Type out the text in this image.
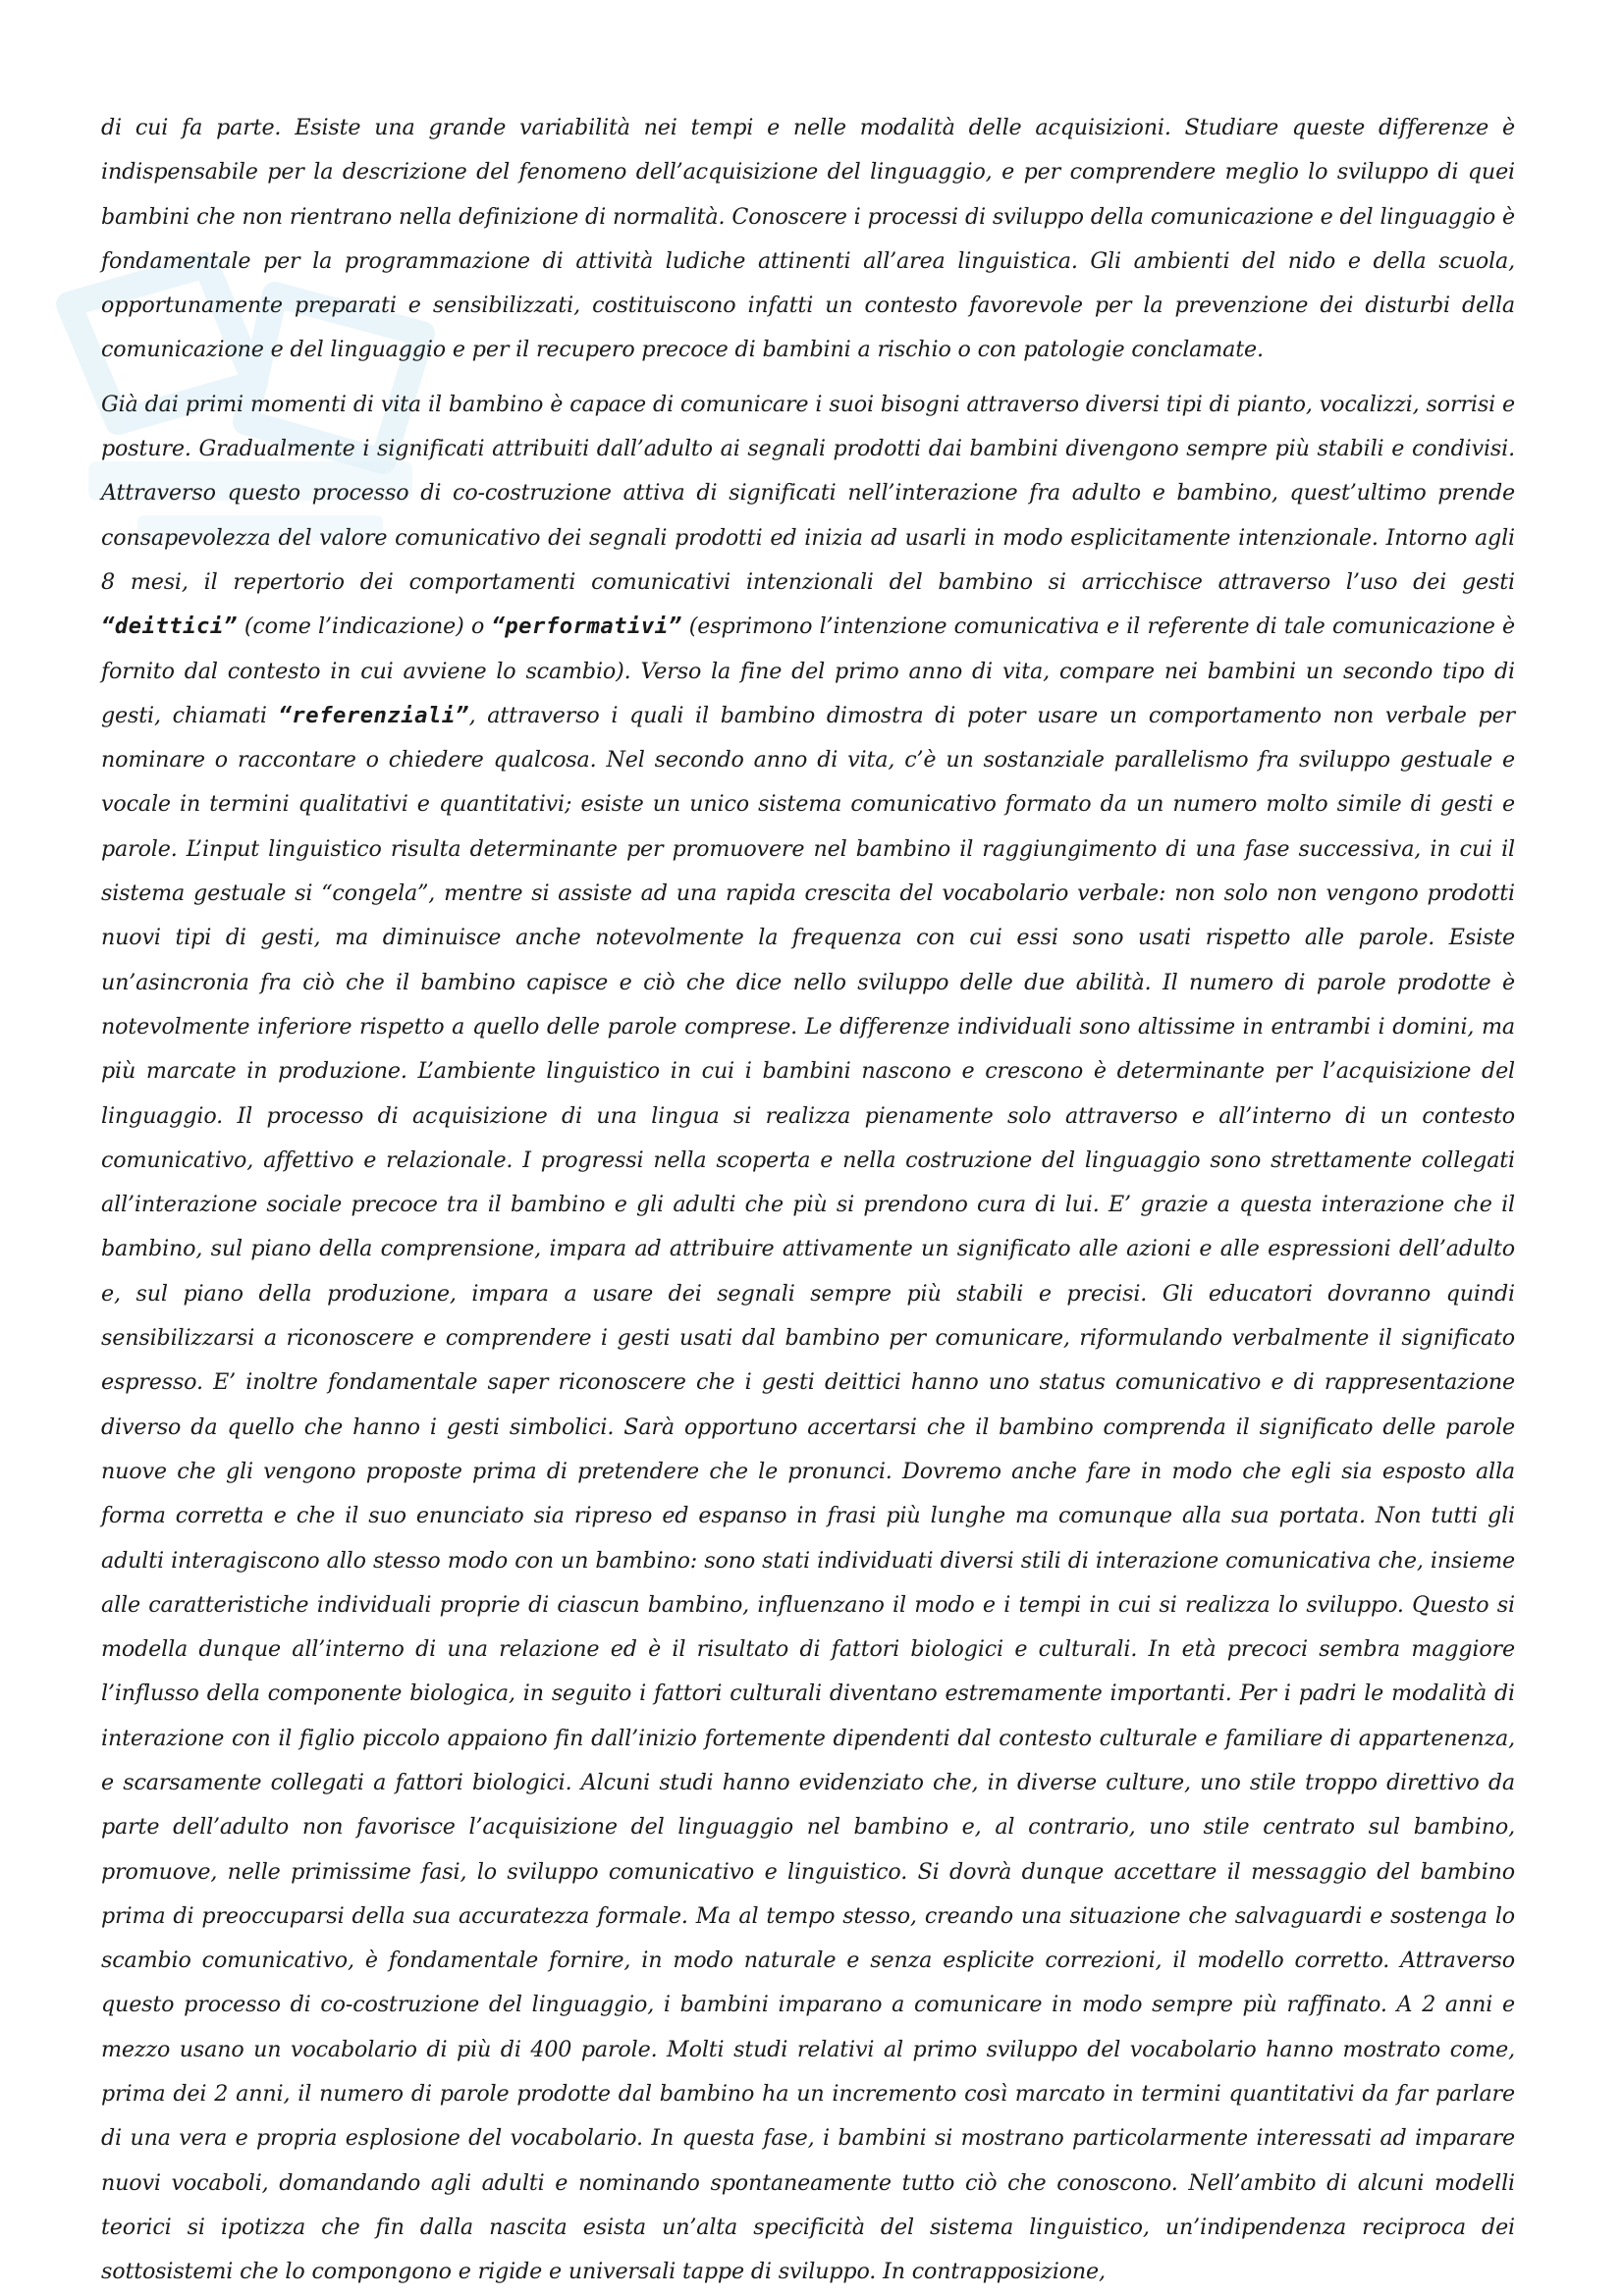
di cui fa parte. Esiste una grande variabilità nei tempi e nelle modalità delle acquisizioni. Studiare queste differenze è indispensabile per la descrizione del fenomeno dell’acquisizione del linguaggio, e per comprendere meglio lo sviluppo di quei bambini che non rientrano nella definizione di normalità. Conoscere i processi di sviluppo della comunicazione e del linguaggio è fondamentale per la programmazione di attività ludiche attinenti all’area linguistica. Gli ambienti del nido e della scuola, opportunamente preparati e sensibilizzati, costituiscono infatti un contesto favorevole per la prevenzione dei disturbi della comunicazione e del linguaggio e per il recupero precoce di bambini a rischio o con patologie conclamate.

Già dai primi momenti di vita il bambino è capace di comunicare i suoi bisogni attraverso diversi tipi di pianto, vocalizzi, sorrisi e posture. Gradualmente i significati attribuiti dall’adulto ai segnali prodotti dai bambini divengono sempre più stabili e condivisi. Attraverso questo processo di co-costruzione attiva di significati nell’interazione fra adulto e bambino, quest’ultimo prende consapevolezza del valore comunicativo dei segnali prodotti ed inizia ad usarli in modo esplicitamente intenzionale. Intorno agli 8 mesi, il repertorio dei comportamenti comunicativi intenzionali del bambino si arricchisce attraverso l’uso dei gesti “deittici” (come l’indicazione) o “performativi” (esprimono l’intenzione comunicativa e il referente di tale comunicazione è fornito dal contesto in cui avviene lo scambio). Verso la fine del primo anno di vita, compare nei bambini un secondo tipo di gesti, chiamati “referenziali”, attraverso i quali il bambino dimostra di poter usare un comportamento non verbale per nominare o raccontare o chiedere qualcosa. Nel secondo anno di vita, c’è un sostanziale parallelismo fra sviluppo gestuale e vocale in termini qualitativi e quantitativi; esiste un unico sistema comunicativo formato da un numero molto simile di gesti e parole. L’input linguistico risulta determinante per promuovere nel bambino il raggiungimento di una fase successiva, in cui il sistema gestuale si “congela”, mentre si assiste ad una rapida crescita del vocabolario verbale: non solo non vengono prodotti nuovi tipi di gesti, ma diminuisce anche notevolmente la frequenza con cui essi sono usati rispetto alle parole. Esiste un’asincronia fra ciò che il bambino capisce e ciò che dice nello sviluppo delle due abilità. Il numero di parole prodotte è notevolmente inferiore rispetto a quello delle parole comprese. Le differenze individuali sono altissime in entrambi i domini, ma più marcate in produzione. L’ambiente linguistico in cui i bambini nascono e crescono è determinante per l’acquisizione del linguaggio. Il processo di acquisizione di una lingua si realizza pienamente solo attraverso e all’interno di un contesto comunicativo, affettivo e relazionale. I progressi nella scoperta e nella costruzione del linguaggio sono strettamente collegati all’interazione sociale precoce tra il bambino e gli adulti che più si prendono cura di lui. E’ grazie a questa interazione che il bambino, sul piano della comprensione, impara ad attribuire attivamente un significato alle azioni e alle espressioni dell’adulto e, sul piano della produzione, impara a usare dei segnali sempre più stabili e precisi. Gli educatori dovranno quindi sensibilizzarsi a riconoscere e comprendere i gesti usati dal bambino per comunicare, riformulando verbalmente il significato espresso. E’ inoltre fondamentale saper riconoscere che i gesti deittici hanno uno status comunicativo e di rappresentazione diverso da quello che hanno i gesti simbolici. Sarà opportuno accertarsi che il bambino comprenda il significato delle parole nuove che gli vengono proposte prima di pretendere che le pronunci. Dovremo anche fare in modo che egli sia esposto alla forma corretta e che il suo enunciato sia ripreso ed espanso in frasi più lunghe ma comunque alla sua portata. Non tutti gli adulti interagiscono allo stesso modo con un bambino: sono stati individuati diversi stili di interazione comunicativa che, insieme alle caratteristiche individuali proprie di ciascun bambino, influenzano il modo e i tempi in cui si realizza lo sviluppo. Questo si modella dunque all’interno di una relazione ed è il risultato di fattori biologici e culturali. In età precoci sembra maggiore l’influsso della componente biologica, in seguito i fattori culturali diventano estremamente importanti. Per i padri le modalità di interazione con il figlio piccolo appaiono fin dall’inizio fortemente dipendenti dal contesto culturale e familiare di appartenenza, e scarsamente collegati a fattori biologici. Alcuni studi hanno evidenziato che, in diverse culture, uno stile troppo direttivo da parte dell’adulto non favorisce l’acquisizione del linguaggio nel bambino e, al contrario, uno stile centrato sul bambino, promuove, nelle primissime fasi, lo sviluppo comunicativo e linguistico. Si dovrà dunque accettare il messaggio del bambino prima di preoccuparsi della sua accuratezza formale. Ma al tempo stesso, creando una situazione che salvaguardi e sostenga lo scambio comunicativo, è fondamentale fornire, in modo naturale e senza esplicite correzioni, il modello corretto. Attraverso questo processo di co-costruzione del linguaggio, i bambini imparano a comunicare in modo sempre più raffinato. A 2 anni e mezzo usano un vocabolario di più di 400 parole. Molti studi relativi al primo sviluppo del vocabolario hanno mostrato come, prima dei 2 anni, il numero di parole prodotte dal bambino ha un incremento così marcato in termini quantitativi da far parlare di una vera e propria esplosione del vocabolario. In questa fase, i bambini si mostrano particolarmente interessati ad imparare nuovi vocaboli, domandando agli adulti e nominando spontaneamente tutto ciò che conoscono. Nell’ambito di alcuni modelli teorici si ipotizza che fin dalla nascita esista un’alta specificità del sistema linguistico, un’indipendenza reciproca dei sottosistemi che lo compongono e rigide e universali tappe di sviluppo. In contrapposizione,
